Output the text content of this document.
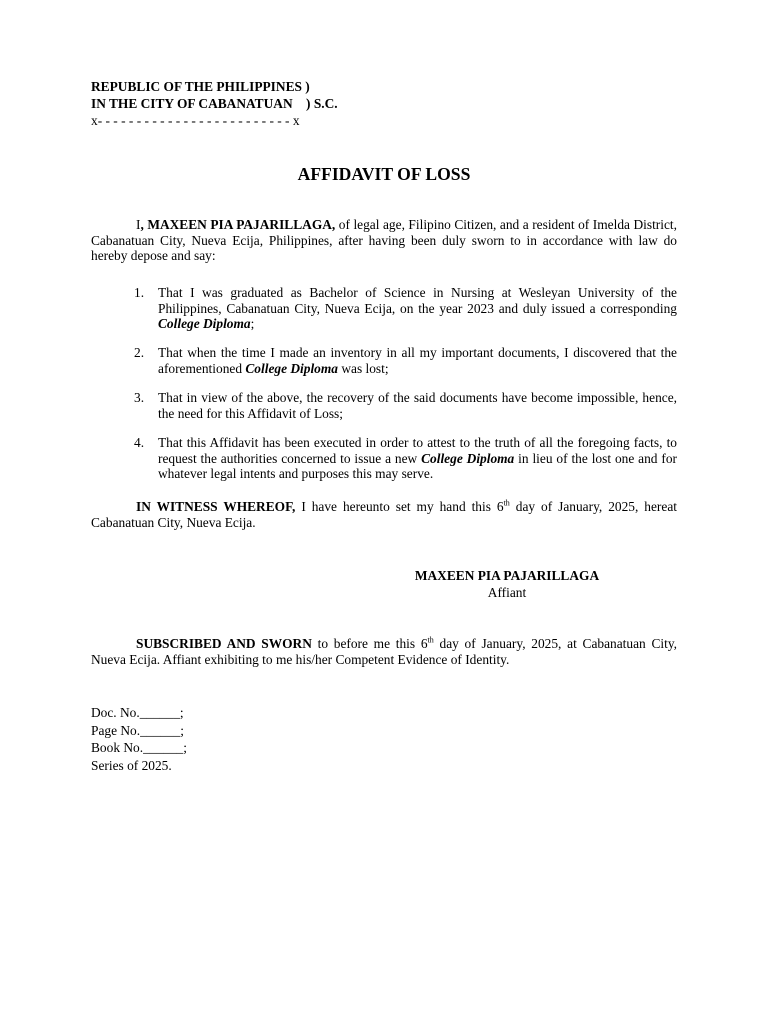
REPUBLIC OF THE PHILIPPINES )
IN THE CITY OF CABANATUAN    ) S.C.
x- - - - - - - - - - - - - - - - - - - - - - - - - x
AFFIDAVIT OF LOSS
I, MAXEEN PIA PAJARILLAGA, of legal age, Filipino Citizen, and a resident of Imelda District, Cabanatuan City, Nueva Ecija, Philippines, after having been duly sworn to in accordance with law do hereby depose and say:
1.	That I was graduated as Bachelor of Science in Nursing at Wesleyan University of the Philippines, Cabanatuan City, Nueva Ecija, on the year 2023 and duly issued a corresponding College Diploma;
2.	That when the time I made an inventory in all my important documents, I discovered that the aforementioned College Diploma was lost;
3.	That in view of the above, the recovery of the said documents have become impossible, hence, the need for this Affidavit of Loss;
4.	That this Affidavit has been executed in order to attest to the truth of all the foregoing facts, to request the authorities concerned to issue a new College Diploma in lieu of the lost one and for whatever legal intents and purposes this may serve.
IN WITNESS WHEREOF, I have hereunto set my hand this 6th day of January, 2025, hereat Cabanatuan City, Nueva Ecija.
MAXEEN PIA PAJARILLAGA
Affiant
SUBSCRIBED AND SWORN to before me this 6th day of January, 2025, at Cabanatuan City, Nueva Ecija. Affiant exhibiting to me his/her Competent Evidence of Identity.
Doc. No.______;
Page No.______;
Book No.______;
Series of 2025.
